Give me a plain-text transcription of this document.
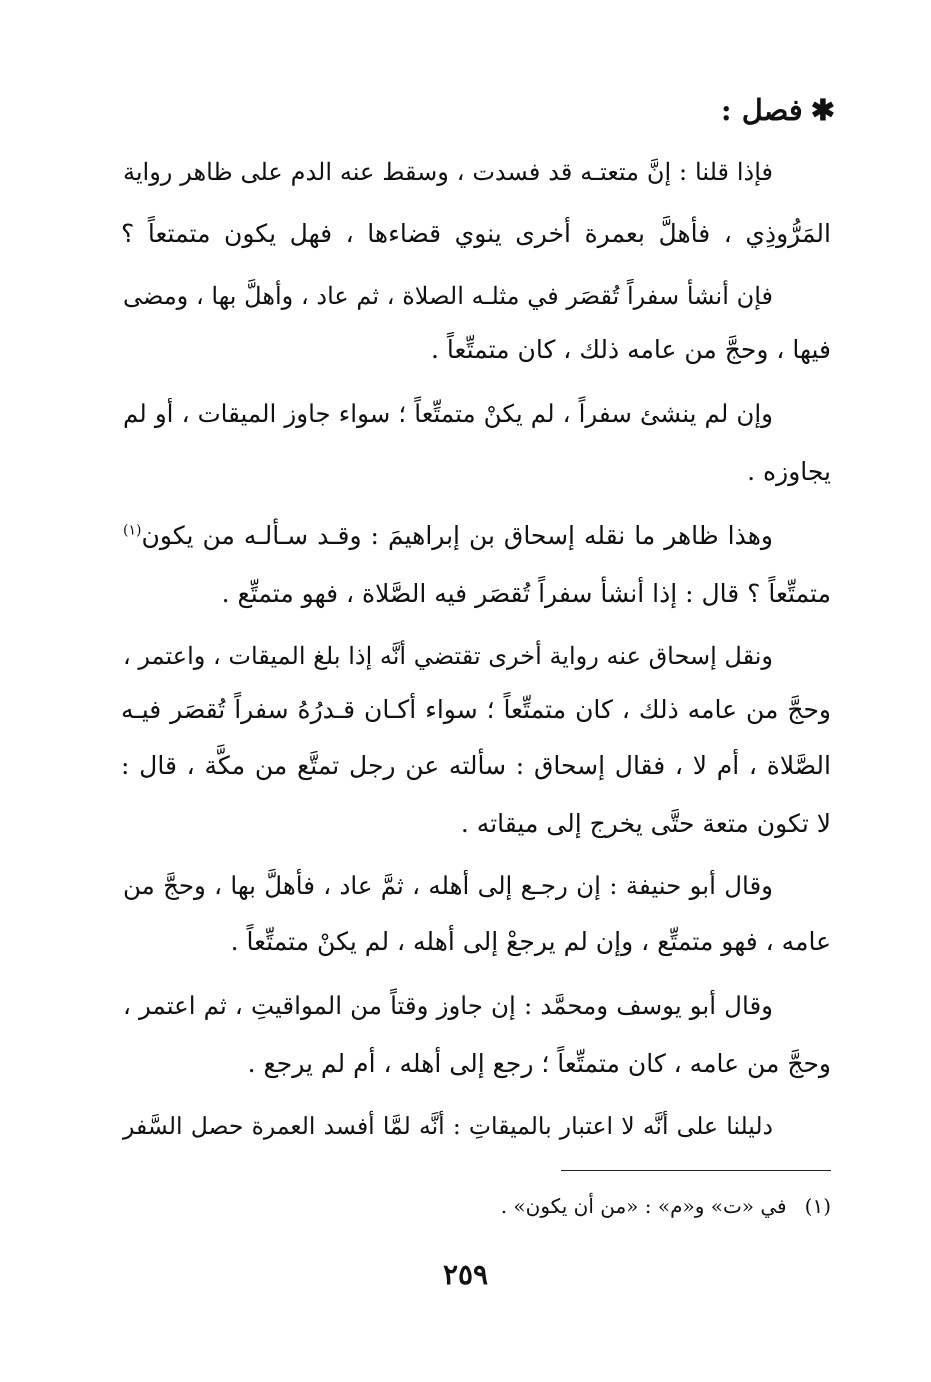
✱فصل :
فإذا قلنا : إنَّ متعتـه قد فسدت ، وسقط عنه الدم على ظاهر رواية
المَرُّوذِي ، فأهلَّ بعمرة أخرى ينوي قضاءها ، فهل يكون متمتعاً ؟
فإن أنشأ سفراً تُقصَر في مثلـه الصلاة ، ثم عاد ، وأهلَّ بها ، ومضى
فيها ، وحجَّ من عامه ذلك ، كان متمتِّعاً .
وإن لم ينشئ سفراً ، لم يكنْ متمتِّعاً ؛ سواء جاوز الميقات ، أو لم
يجاوزه .
وهذا ظاهر ما نقله إسحاق بن إبراهيمَ : وقـد سـألـه من يكون$^{(١)}$
متمتِّعاً ؟ قال : إذا أنشأ سفراً تُقصَر فيه الصَّلاة ، فهو متمتِّع .
ونقل إسحاق عنه رواية أخرى تقتضي أنَّه إذا بلغ الميقات ، واعتمر ،
وحجَّ من عامه ذلك ، كان متمتِّعاً ؛ سواء أكـان قـدرُهُ سفراً تُقصَر فيـه
الصَّلاة ، أم لا ، فقال إسحاق : سألته عن رجل تمتَّع من مكَّة ، قال :
لا تكون متعة حتَّى يخرج إلى ميقاته .
وقال أبو حنيفة : إن رجـع إلى أهله ، ثمَّ عاد ، فأهلَّ بها ، وحجَّ من
عامه ، فهو متمتِّع ، وإن لم يرجعْ إلى أهله ، لم يكنْ متمتِّعاً .
وقال أبو يوسف ومحمَّد : إن جاوز وقتاً من المواقيتِ ، ثم اعتمر ،
وحجَّ من عامه ، كان متمتِّعاً ؛ رجع إلى أهله ، أم لم يرجع .
دليلنا على أنَّه لا اعتبار بالميقاتِ : أنَّه لمَّا أفسد العمرة حصل السَّفر
(١)في «ت» و«م» : «من أن يكون» .
٢٥٩
